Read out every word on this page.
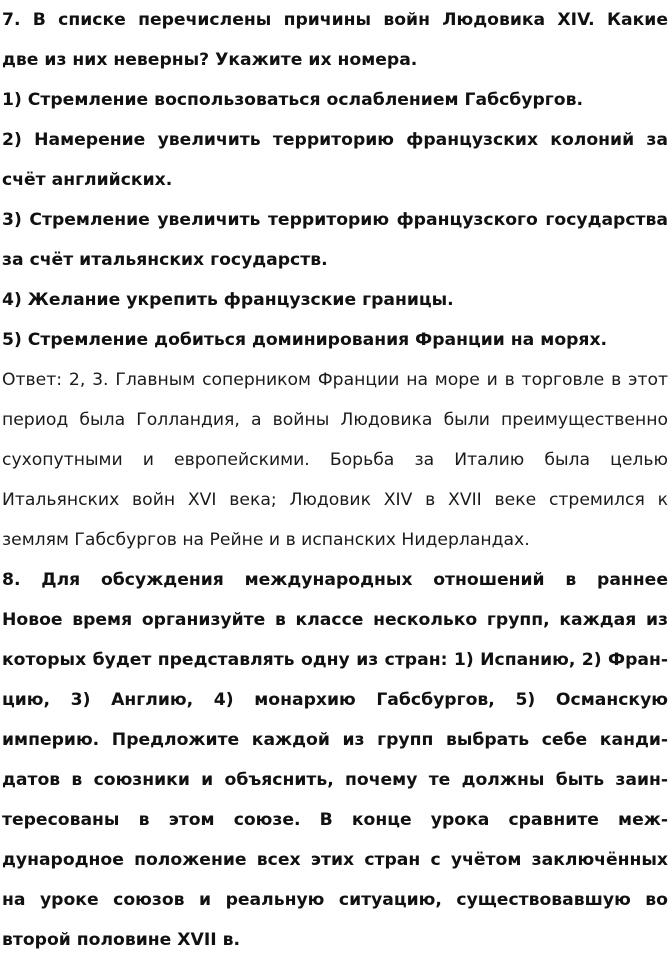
7. В списке перечислены причины войн Людовика XIV. Какие
две из них неверны? Укажите их номера.
1) Стремление воспользоваться ослаблением Габсбургов.
2) Намерение увеличить территорию французских колоний за
счёт английских.
3) Стремление увеличить территорию французского государства
за счёт итальянских государств.
4) Желание укрепить французские границы.
5) Стремление добиться доминирования Франции на морях.
Ответ: 2, 3. Главным соперником Франции на море и в торговле в этот
период была Голландия, а войны Людовика были преимущественно
сухопутными и европейскими. Борьба за Италию была целью
Итальянских войн XVI века; Людовик XIV в XVII веке стремился к
землям Габсбургов на Рейне и в испанских Нидерландах.
8. Для обсуждения международных отношений в раннее
Новое время организуйте в классе несколько групп, каждая из
которых будет представлять одну из стран: 1) Испанию, 2) Фран-
цию, 3) Англию, 4) монархию Габсбургов, 5) Османскую
империю. Предложите каждой из групп выбрать себе канди-
датов в союзники и объяснить, почему те должны быть заин-
тересованы в этом союзе. В конце урока сравните меж-
дународное положение всех этих стран с учётом заключённых
на уроке союзов и реальную ситуацию, существовавшую во
второй половине XVII в.
